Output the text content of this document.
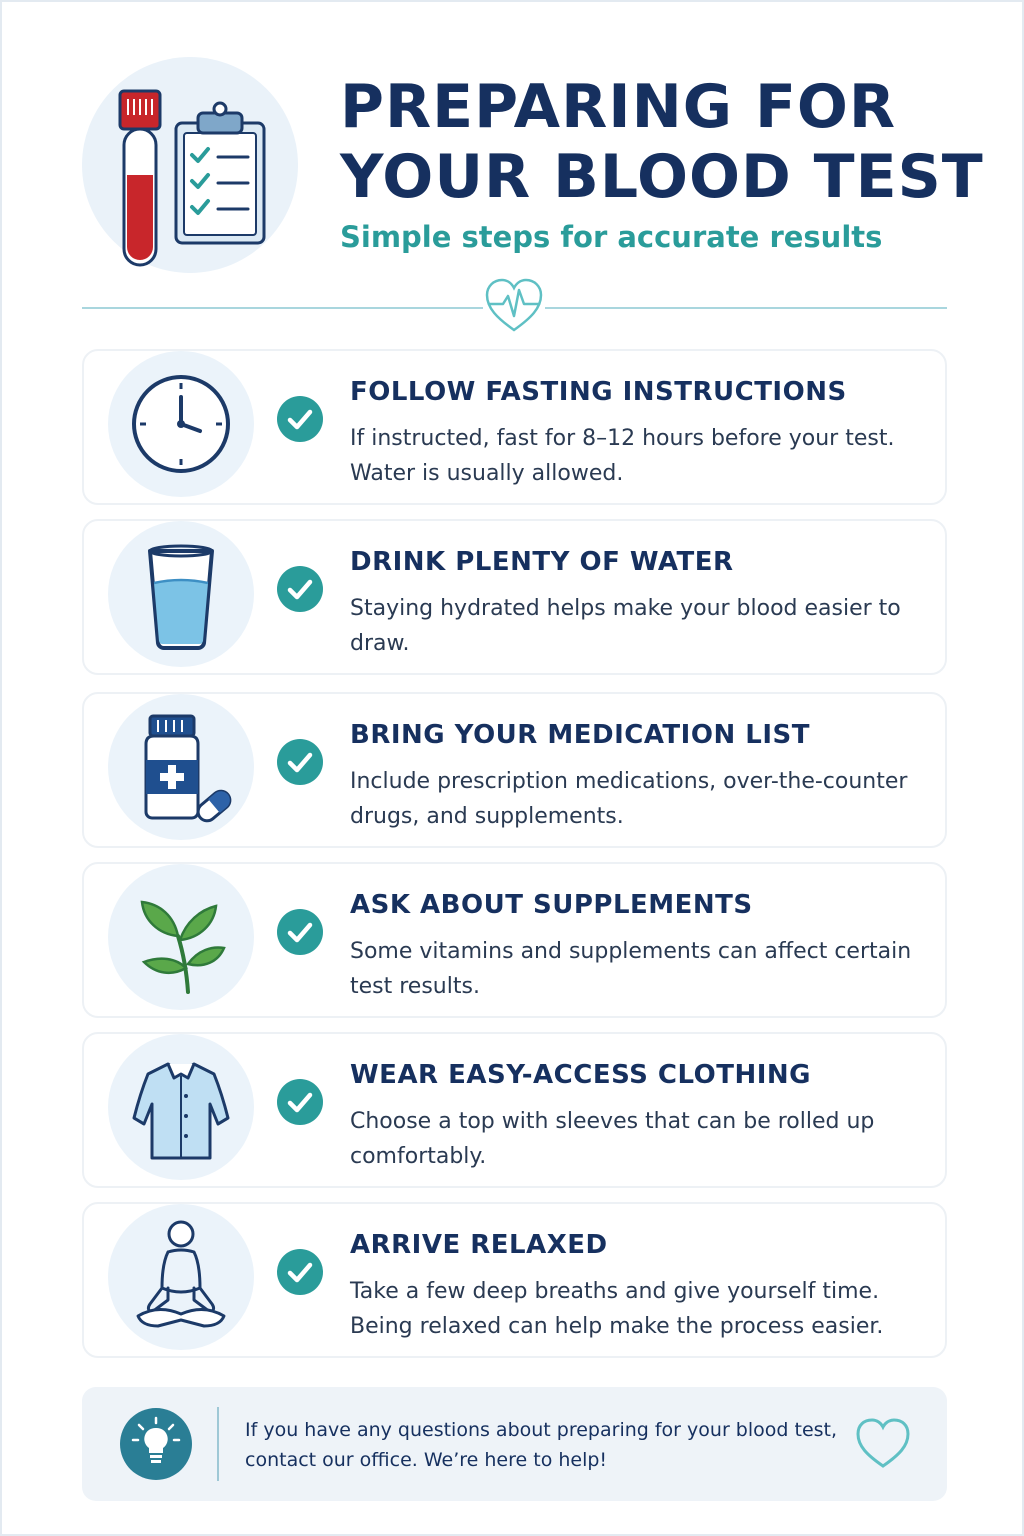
PREPARING FOR
YOUR BLOOD TEST
Simple steps for accurate results
FOLLOW FASTING INSTRUCTIONS
If instructed, fast for 8–12 hours before your test. Water is usually allowed.
DRINK PLENTY OF WATER
Staying hydrated helps make your blood easier to draw.
BRING YOUR MEDICATION LIST
Include prescription medications, over-the-counter drugs, and supplements.
ASK ABOUT SUPPLEMENTS
Some vitamins and supplements can affect certain test results.
WEAR EASY-ACCESS CLOTHING
Choose a top with sleeves that can be rolled up comfortably.
ARRIVE RELAXED
Take a few deep breaths and give yourself time. Being relaxed can help make the process easier.
If you have any questions about preparing for your blood test, contact our office. We’re here to help!
